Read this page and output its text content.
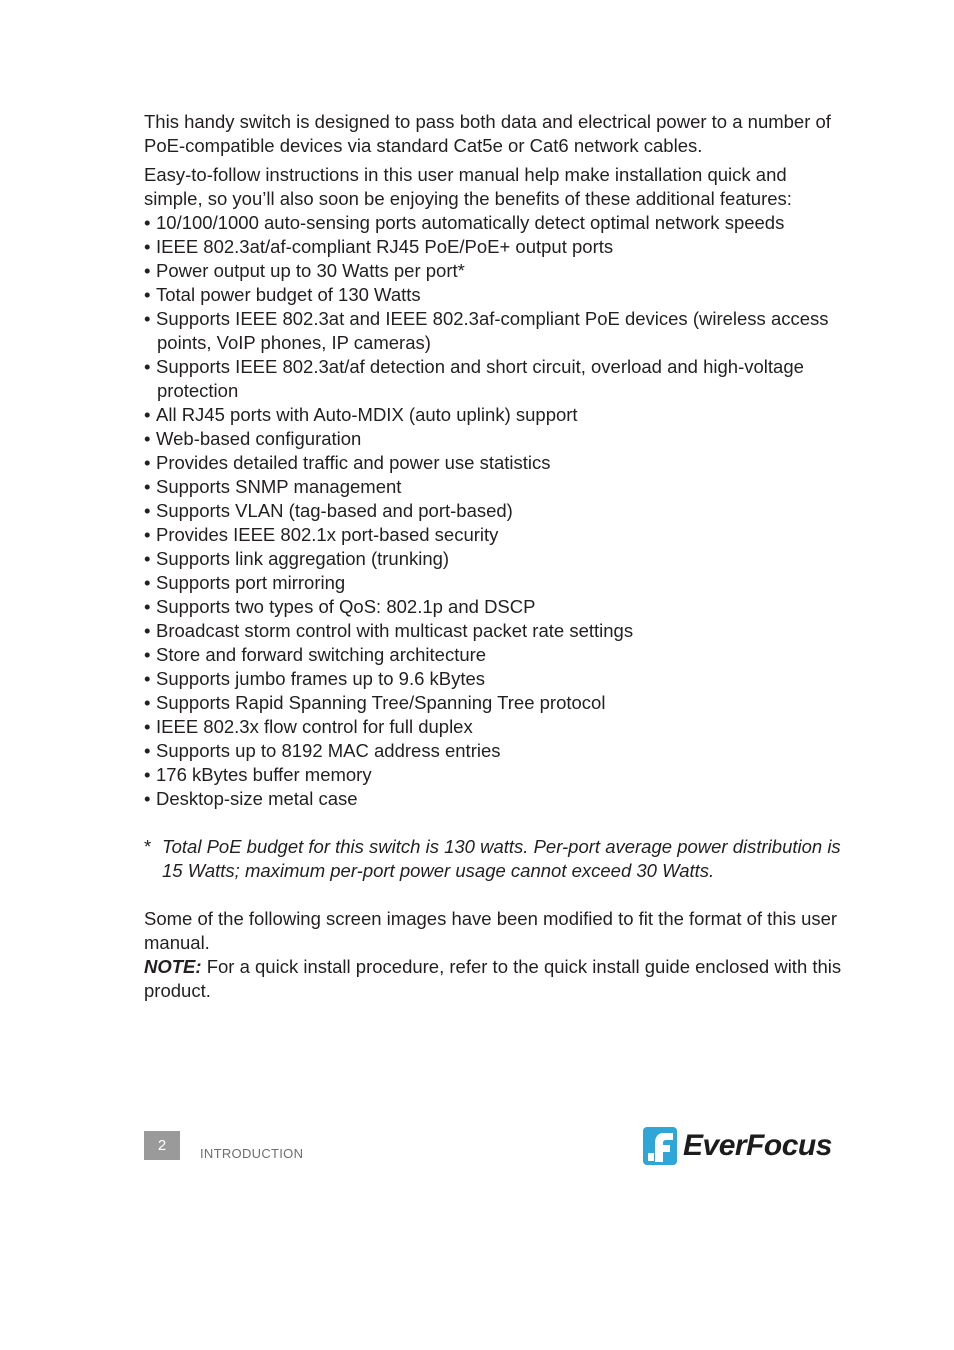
This handy switch is designed to pass both data and electrical power to a number of PoE-compatible devices via standard Cat5e or Cat6 network cables.

Easy-to-follow instructions in this user manual help make installation quick and simple, so you’ll also soon be enjoying the benefits of these additional features:

• 10/100/1000 auto-sensing ports automatically detect optimal network speeds
• IEEE 802.3at/af-compliant RJ45 PoE/PoE+ output ports
• Power output up to 30 Watts per port*
• Total power budget of 130 Watts
• Supports IEEE 802.3at and IEEE 802.3af-compliant PoE devices (wireless access points, VoIP phones, IP cameras)
• Supports IEEE 802.3at/af detection and short circuit, overload and high-voltage protection
• All RJ45 ports with Auto-MDIX (auto uplink) support
• Web-based configuration
• Provides detailed traffic and power use statistics
• Supports SNMP management
• Supports VLAN (tag-based and port-based)
• Provides IEEE 802.1x port-based security
• Supports link aggregation (trunking)
• Supports port mirroring
• Supports two types of QoS: 802.1p and DSCP
• Broadcast storm control with multicast packet rate settings
• Store and forward switching architecture
• Supports jumbo frames up to 9.6 kBytes
• Supports Rapid Spanning Tree/Spanning Tree protocol
• IEEE 802.3x flow control for full duplex
• Supports up to 8192 MAC address entries
• 176 kBytes buffer memory
• Desktop-size metal case

* Total PoE budget for this switch is 130 watts. Per-port average power distribution is 15 Watts; maximum per-port power usage cannot exceed 30 Watts.

Some of the following screen images have been modified to fit the format of this user manual.

NOTE: For a quick install procedure, refer to the quick install guide enclosed with this product.

2	INTRODUCTION	EverFocus
